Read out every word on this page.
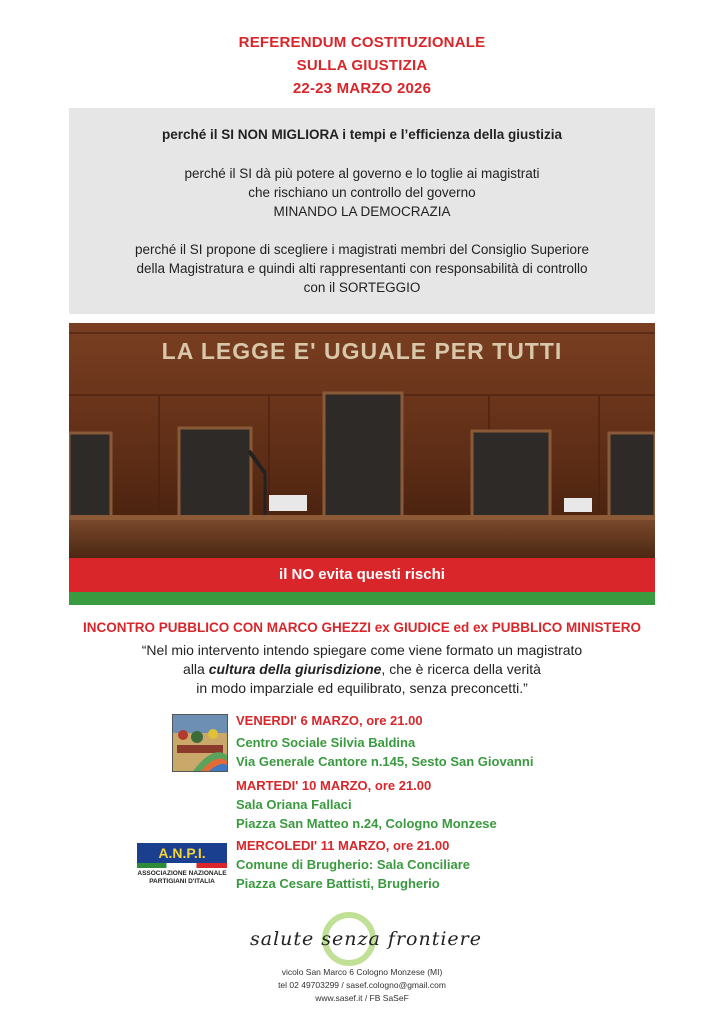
REFERENDUM COSTITUZIONALE
SULLA GIUSTIZIA
22-23 MARZO 2026

perché il SI NON MIGLIORA i tempi e l’efficienza della giustizia

perché il SI dà più potere al governo e lo toglie ai magistrati

che rischiano un controllo del governo

MINANDO LA DEMOCRAZIA

perché il SI propone di scegliere i magistrati membri del Consiglio Superiore

della Magistratura e quindi alti rappresentanti con responsabilità di controllo

con il SORTEGGIO

LA LEGGE E' UGUALE PER TUTTI
il NO evita questi rischi
INCONTRO PUBBLICO CON MARCO GHEZZI ex GIUDICE ed ex PUBBLICO MINISTERO
“Nel mio intervento intendo spiegare come viene formato un magistrato
alla cultura della giurisdizione, che è ricerca della verità
in modo imparziale ed equilibrato, senza preconcetti.”
VENERDI' 6 MARZO, ore 21.00
Centro Sociale Silvia Baldina
Via Generale Cantore n.145, Sesto San Giovanni
MARTEDI' 10 MARZO, ore 21.00
Sala Oriana Fallaci
Piazza San Matteo n.24, Cologno Monzese
MERCOLEDI' 11 MARZO, ore 21.00
Comune di Brugherio: Sala Conciliare
Piazza Cesare Battisti, Brugherio
A.N.P.I.
ASSOCIAZIONE NAZIONALE
PARTIGIANI D'ITALIA
salute senza frontiere
vicolo San Marco 6 Cologno Monzese (MI)
tel 02 49703299 / sasef.cologno@gmail.com
www.sasef.it / FB SaSeF
